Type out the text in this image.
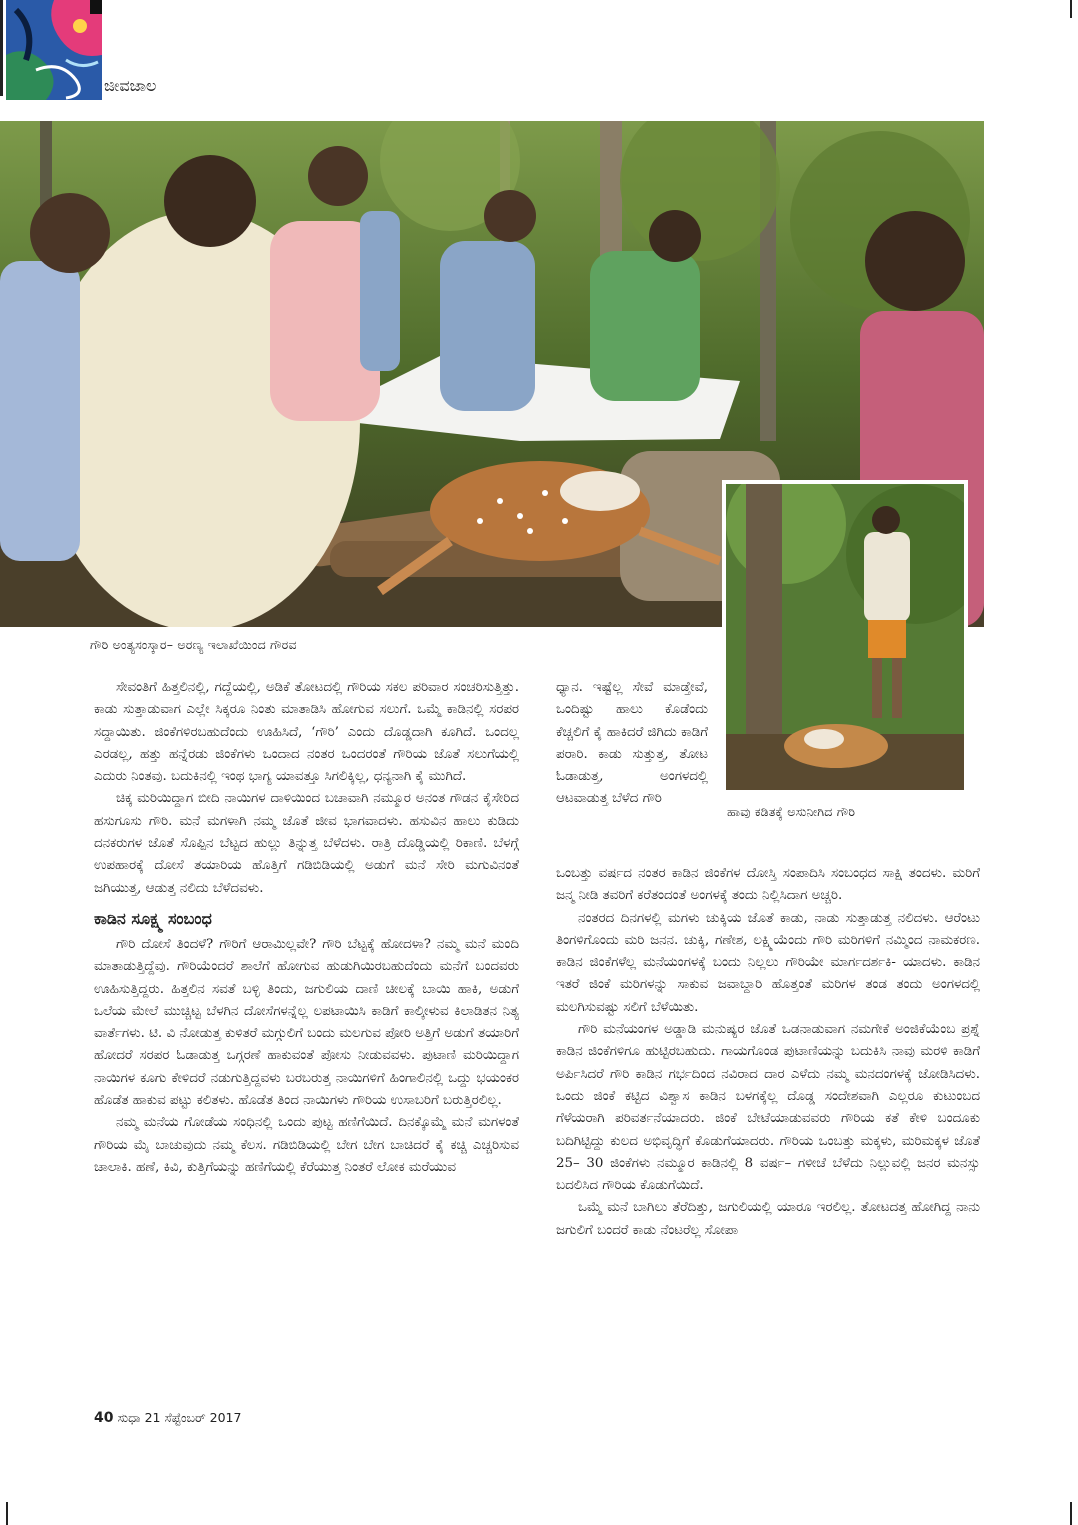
ಜೀವಜಾಲ
ಗೌರಿ ಅಂತ್ಯಸಂಸ್ಕಾರ– ಅರಣ್ಯ ಇಲಾಖೆಯಿಂದ ಗೌರವ
ಹಾವು ಕಡಿತಕ್ಕೆ ಅಸುನೀಗಿದ ಗೌರಿ

ಸೇವಂತಿಗೆ ಹಿತ್ತಲಿನಲ್ಲಿ, ಗದ್ದೆಯಲ್ಲಿ, ಅಡಿಕೆ ತೋಟದಲ್ಲಿ ಗೌರಿಯ ಸಕಲ ಪರಿವಾರ ಸಂಚರಿಸುತ್ತಿತ್ತು. ಕಾಡು ಸುತ್ತಾಡುವಾಗ ಎಲ್ಲೇ ಸಿಕ್ಕರೂ ನಿಂತು ಮಾತಾಡಿಸಿ ಹೋಗುವ ಸಲುಗೆ. ಒಮ್ಮೆ ಕಾಡಿನಲ್ಲಿ ಸರಪರ ಸದ್ದಾಯಿತು. ಜಿಂಕೆಗಳಿರಬಹುದೆಂದು ಊಹಿಸಿದೆ, ‘ಗೌರಿ’ ಎಂದು ದೊಡ್ಡದಾಗಿ ಕೂಗಿದೆ. ಒಂದಲ್ಲ ಎರಡಲ್ಲ, ಹತ್ತು ಹನ್ನೆರಡು ಜಿಂಕೆಗಳು ಒಂದಾದ ನಂತರ ಒಂದರಂತೆ ಗೌರಿಯ ಜೊತೆ ಸಲುಗೆಯಲ್ಲಿ ಎದುರು ನಿಂತವು. ಬದುಕಿನಲ್ಲಿ ಇಂಥ ಭಾಗ್ಯ ಯಾವತ್ತೂ ಸಿಗಲಿಕ್ಕಿಲ್ಲ, ಧನ್ಯನಾಗಿ ಕೈ ಮುಗಿದೆ.

ಚಿಕ್ಕ ಮರಿಯಿದ್ದಾಗ ಬೀದಿ ನಾಯಿಗಳ ದಾಳಿಯಿಂದ ಬಚಾವಾಗಿ ನಮ್ಮೂರ ಅನಂತ ಗೌಡನ ಕೈಸೇರಿದ ಹಸುಗೂಸು ಗೌರಿ. ಮನೆ ಮಗಳಾಗಿ ನಮ್ಮ ಜೊತೆ ಜೀವ ಭಾಗವಾದಳು. ಹಸುವಿನ ಹಾಲು ಕುಡಿದು ದನಕರುಗಳ ಜೊತೆ ಸೊಪ್ಪಿನ ಬೆಟ್ಟದ ಹುಲ್ಲು ತಿನ್ನುತ್ತ ಬೆಳೆದಳು. ರಾತ್ರಿ ದೊಡ್ಡಿಯಲ್ಲಿ ರಿಕಾಣಿ. ಬೆಳಗ್ಗೆ ಉಪಹಾರಕ್ಕೆ ದೋಸೆ ತಯಾರಿಯ ಹೊತ್ತಿಗೆ ಗಡಿಬಿಡಿಯಲ್ಲಿ ಅಡುಗೆ ಮನೆ ಸೇರಿ ಮಗುವಿನಂತೆ ಜಗಿಯುತ್ತ, ಆಡುತ್ತ ನಲಿದು ಬೆಳೆದವಳು.

ಕಾಡಿನ ಸೂಕ್ಷ್ಮ ಸಂಬಂಧ

ಗೌರಿ ದೋಸೆ ತಿಂದಳೆ? ಗೌರಿಗೆ ಆರಾಮಿಲ್ಲವೇ? ಗೌರಿ ಬೆಟ್ಟಕ್ಕೆ ಹೋದಳಾ? ನಮ್ಮ ಮನೆ ಮಂದಿ ಮಾತಾಡುತ್ತಿದ್ದೆವು. ಗೌರಿಯೆಂದರೆ ಶಾಲೆಗೆ ಹೋಗುವ ಹುಡುಗಿಯಿರಬಹುದೆಂದು ಮನೆಗೆ ಬಂದವರು ಊಹಿಸುತ್ತಿದ್ದರು. ಹಿತ್ತಲಿನ ಸವತೆ ಬಳ್ಳಿ ತಿಂದು, ಜಗುಲಿಯ ದಾಣಿ ಚೀಲಕ್ಕೆ ಬಾಯಿ ಹಾಕಿ, ಅಡುಗೆ ಒಲೆಯ ಮೇಲೆ ಮುಚ್ಚಿಟ್ಟ ಬೆಳಗಿನ ದೋಸೆಗಳನ್ನೆಲ್ಲ ಲಪಟಾಯಿಸಿ ಕಾಡಿಗೆ ಕಾಲ್ಕೀಳುವ ಕಿಲಾಡಿತನ ನಿತ್ಯ ವಾರ್ತೆಗಳು. ಟಿ. ವಿ ನೋಡುತ್ತ ಕುಳಿತರೆ ಮಗ್ಗುಲಿಗೆ ಬಂದು ಮಲಗುವ ಪೋರಿ ಅತ್ತಿಗೆ ಅಡುಗೆ ತಯಾರಿಗೆ ಹೋದರೆ ಸರಪರ ಓಡಾಡುತ್ತ ಒಗ್ಗರಣೆ ಹಾಕುವಂತೆ ಪೋಸು ನೀಡುವವಳು. ಪುಟಾಣಿ ಮರಿಯಿದ್ದಾಗ ನಾಯಿಗಳ ಕೂಗು ಕೇಳಿದರೆ ನಡುಗುತ್ತಿದ್ದವಳು ಬರಬರುತ್ತ ನಾಯಿಗಳಿಗೆ ಹಿಂಗಾಲಿನಲ್ಲಿ ಒದ್ದು ಭಯಂಕರ ಹೊಡೆತ ಹಾಕುವ ಪಟ್ಟು ಕಲಿತಳು. ಹೊಡೆತ ತಿಂದ ನಾಯಿಗಳು ಗೌರಿಯ ಉಸಾಬರಿಗೆ ಬರುತ್ತಿರಲಿಲ್ಲ.

ನಮ್ಮ ಮನೆಯ ಗೋಡೆಯ ಸಂಧಿನಲ್ಲಿ ಒಂದು ಪುಟ್ಟ ಹಣಿಗೆಯಿದೆ. ದಿನಕ್ಕೊಮ್ಮೆ ಮನೆ ಮಗಳಂತೆ ಗೌರಿಯ ಮೈ ಬಾಚುವುದು ನಮ್ಮ ಕೆಲಸ. ಗಡಿಬಿಡಿಯಲ್ಲಿ ಬೇಗ ಬೇಗ ಬಾಚಿದರೆ ಕೈ ಕಚ್ಚಿ ಎಚ್ಚರಿಸುವ ಚಾಲಾಕಿ. ಹಣೆ, ಕಿವಿ, ಕುತ್ತಿಗೆಯನ್ನು ಹಣಿಗೆಯಲ್ಲಿ ಕೆರೆಯುತ್ತ ನಿಂತರೆ ಲೋಕ ಮರೆಯುವ

ಧ್ಯಾನ. ಇಷ್ಟೆಲ್ಲ ಸೇವೆ ಮಾಡ್ತೇವೆ, ಒಂದಿಷ್ಟು ಹಾಲು ಕೊಡೆಂದು ಕೆಚ್ಚಲಿಗೆ ಕೈ ಹಾಕಿದರೆ ಜಿಗಿದು ಕಾಡಿಗೆ ಪರಾರಿ. ಕಾಡು ಸುತ್ತುತ್ತ, ತೋಟ ಓಡಾಡುತ್ತ, ಅಂಗಳದಲ್ಲಿ ಆಟವಾಡುತ್ತ ಬೆಳೆದ ಗೌರಿ

ಒಂಬತ್ತು ವರ್ಷದ ನಂತರ ಕಾಡಿನ ಜಿಂಕೆಗಳ ದೋಸ್ತಿ ಸಂಪಾದಿಸಿ ಸಂಬಂಧದ ಸಾಕ್ಷಿ ತಂದಳು. ಮರಿಗೆ ಜನ್ಮ ನೀಡಿ ತವರಿಗೆ ಕರೆತಂದಂತೆ ಅಂಗಳಕ್ಕೆ ತಂದು ನಿಲ್ಲಿಸಿದಾಗ ಅಚ್ಚರಿ.

ನಂತರದ ದಿನಗಳಲ್ಲಿ ಮಗಳು ಚುಕ್ಕಿಯ ಜೊತೆ ಕಾಡು, ನಾಡು ಸುತ್ತಾಡುತ್ತ ನಲಿದಳು. ಆರೆಂಟು ತಿಂಗಳಿಗೊಂದು ಮರಿ ಜನನ. ಚುಕ್ಕಿ, ಗಣೇಶ, ಲಕ್ಷ್ಮಿಯೆಂದು ಗೌರಿ ಮರಿಗಳಿಗೆ ನಮ್ಮಿಂದ ನಾಮಕರಣ. ಕಾಡಿನ ಜಿಂಕೆಗಳೆಲ್ಲ ಮನೆಯಂಗಳಕ್ಕೆ ಬಂದು ನಿಲ್ಲಲು ಗೌರಿಯೇ ಮಾರ್ಗದರ್ಶಕಿ- ಯಾದಳು. ಕಾಡಿನ ಇತರೆ ಜಿಂಕೆ ಮರಿಗಳನ್ನು ಸಾಕುವ ಜವಾಬ್ದಾರಿ ಹೊತ್ತಂತೆ ಮರಿಗಳ ತಂಡ ತಂದು ಅಂಗಳದಲ್ಲಿ ಮಲಗಿಸುವಷ್ಟು ಸಲಿಗೆ ಬೆಳೆಯಿತು.

ಗೌರಿ ಮನೆಯಂಗಳ ಅಡ್ಡಾಡಿ ಮನುಷ್ಯರ ಜೊತೆ ಒಡನಾಡುವಾಗ ನಮಗೇಕೆ ಅಂಜಿಕೆಯೆಂಬ ಪ್ರಶ್ನೆ ಕಾಡಿನ ಜಿಂಕೆಗಳಿಗೂ ಹುಟ್ಟಿರಬಹುದು. ಗಾಯಗೊಂಡ ಪುಟಾಣಿಯನ್ನು ಬದುಕಿಸಿ ನಾವು ಮರಳಿ ಕಾಡಿಗೆ ಅರ್ಪಿಸಿದರೆ ಗೌರಿ ಕಾಡಿನ ಗರ್ಭದಿಂದ ನವಿರಾದ ದಾರ ಎಳೆದು ನಮ್ಮ ಮನದಂಗಳಕ್ಕೆ ಜೋಡಿಸಿದಳು. ಒಂದು ಜಿಂಕೆ ಕಟ್ಟಿದ ವಿಶ್ವಾಸ ಕಾಡಿನ ಬಳಗಕ್ಕೆಲ್ಲ ದೊಡ್ಡ ಸಂದೇಶವಾಗಿ ಎಲ್ಲರೂ ಕುಟುಂಬದ ಗೆಳೆಯರಾಗಿ ಪರಿವರ್ತನೆಯಾದರು. ಜಿಂಕೆ ಬೇಟೆಯಾಡುವವರು ಗೌರಿಯ ಕತೆ ಕೇಳಿ ಬಂದೂಕು ಬದಿಗಿಟ್ಟಿದ್ದು ಕುಲದ ಅಭಿವೃದ್ಧಿಗೆ ಕೊಡುಗೆಯಾದರು. ಗೌರಿಯ ಒಂಬತ್ತು ಮಕ್ಕಳು, ಮರಿಮಕ್ಕಳ ಜೊತೆ 25– 30 ಜಿಂಕೆಗಳು ನಮ್ಮೂರ ಕಾಡಿನಲ್ಲಿ 8 ವರ್ಷ– ಗಳೀಚೆ ಬೆಳೆದು ನಿಲ್ಲುವಲ್ಲಿ ಜನರ ಮನಸ್ಸು ಬದಲಿಸಿದ ಗೌರಿಯ ಕೊಡುಗೆಯಿದೆ.

ಒಮ್ಮೆ ಮನೆ ಬಾಗಿಲು ತೆರೆದಿತ್ತು, ಜಗುಲಿಯಲ್ಲಿ ಯಾರೂ ಇರಲಿಲ್ಲ. ತೋಟದತ್ತ ಹೋಗಿದ್ದ ನಾನು ಜಗುಲಿಗೆ ಬಂದರೆ ಕಾಡು ನೆಂಟರೆಲ್ಲ ಸೋಪಾ

40 ಸುಧಾ 21 ಸೆಪ್ಟೆಂಬರ್ 2017
